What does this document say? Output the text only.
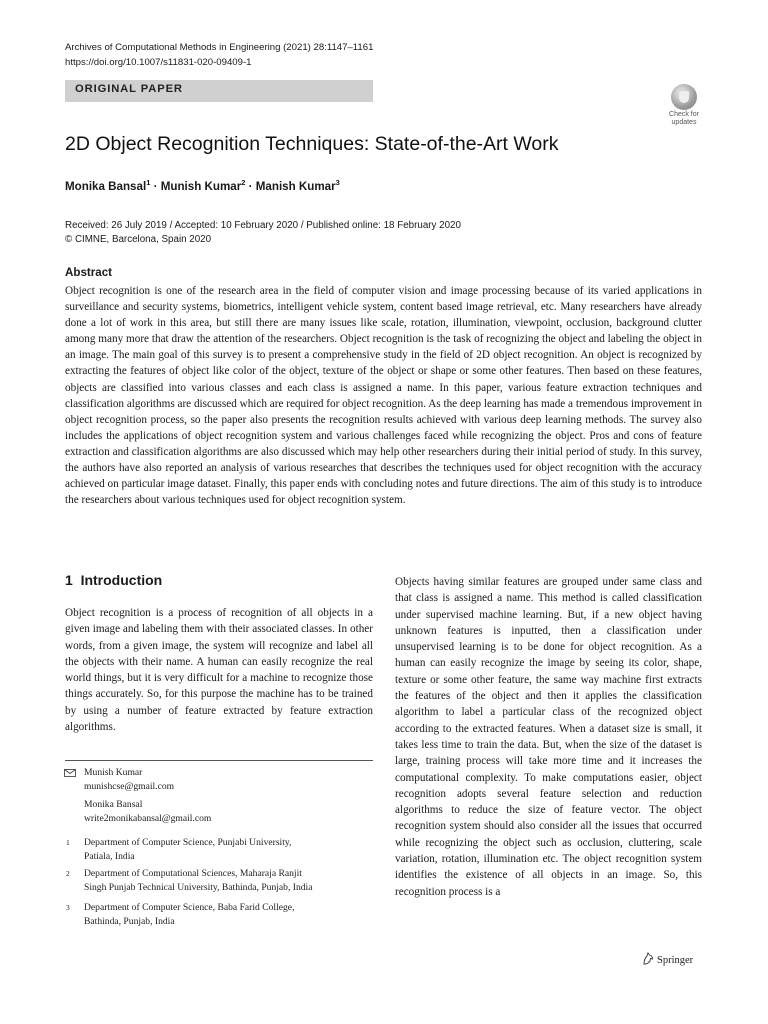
Archives of Computational Methods in Engineering (2021) 28:1147–1161
https://doi.org/10.1007/s11831-020-09409-1
ORIGINAL PAPER
Check for
updates
2D Object Recognition Techniques: State-of-the-Art Work
Monika Bansal$^1$ · Munish Kumar$^2$ · Manish Kumar$^3$
Received: 26 July 2019 / Accepted: 10 February 2020 / Published online: 18 February 2020
© CIMNE, Barcelona, Spain 2020
Abstract

Object recognition is one of the research area in the field of computer vision and image processing because of its varied applications in surveillance and security systems, biometrics, intelligent vehicle system, content based image retrieval, etc. Many researchers have already done a lot of work in this area, but still there are many issues like scale, rotation, illumination, viewpoint, occlusion, background clutter among many more that draw the attention of the researchers. Object recognition is the task of recognizing the object and labeling the object in an image. The main goal of this survey is to present a comprehensive study in the field of 2D object recognition. An object is recognized by extracting the features of object like color of the object, texture of the object or shape or some other features. Then based on these features, objects are classified into various classes and each class is assigned a name. In this paper, various feature extraction techniques and classification algorithms are discussed which are required for object recognition. As the deep learning has made a tremendous improvement in object recognition process, so the paper also presents the recognition results achieved with various deep learning methods. The survey also includes the applications of object recognition system and various challenges faced while recognizing the object. Pros and cons of feature extraction and classification algorithms are also discussed which may help other researchers during their initial period of study. In this survey, the authors have also reported an analysis of various researches that describes the techniques used for object recognition with the accuracy achieved on particular image dataset. Finally, this paper ends with concluding notes and future directions. The aim of this study is to introduce the researchers about various techniques used for object recognition system.

1 Introduction

Object recognition is a process of recognition of all objects in a given image and labeling them with their associated classes. In other words, from a given image, the system will recognize and label all the objects with their name. A human can easily recognize the real world things, but it is very difficult for a machine to recognize those things accurately. So, for this purpose the machine has to be trained by using a number of feature extracted by feature extraction algorithms.

Objects having similar features are grouped under same class and that class is assigned a name. This method is called classification under supervised machine learning. But, if a new object having unknown features is inputted, then a classification under unsupervised learning is to be done for object recognition. As a human can easily recognize the image by seeing its color, shape, texture or some other feature, the same way machine first extracts the features of the object and then it applies the classification algorithm to label a particular class of the recognized object according to the extracted features. When a dataset size is small, it takes less time to train the data. But, when the size of the dataset is large, training process will take more time and it increases the computational complexity. To make computations easier, object recognition adopts several feature selection and reduction algorithms to reduce the size of feature vector. The object recognition system should also consider all the issues that occurred while recognizing the object such as occlusion, cluttering, scale variation, rotation, illumination etc. The object recognition system identifies the existence of all objects in an image. So, this recognition process is a

Munish Kumar
munishcse@gmail.com
Monika Bansal
write2monikabansal@gmail.com
1 Department of Computer Science, Punjabi University,
Patiala, India
2 Department of Computational Sciences, Maharaja Ranjit
Singh Punjab Technical University, Bathinda, Punjab, India
3 Department of Computer Science, Baba Farid College,
Bathinda, Punjab, India
Springer
